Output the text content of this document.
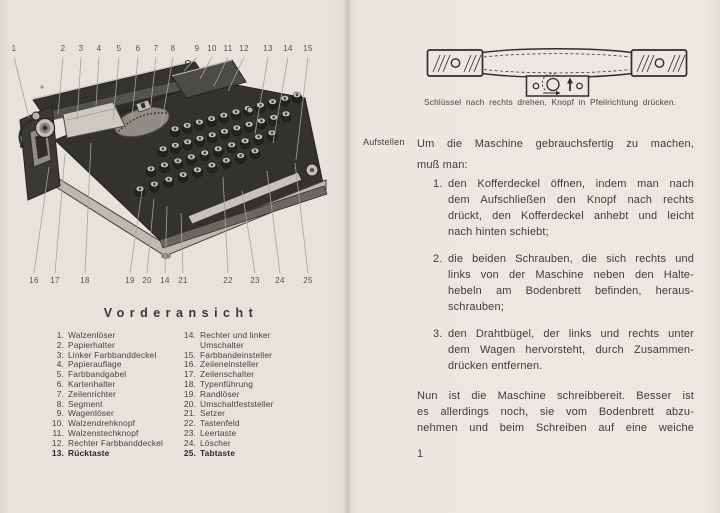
1	2 3 4 5 6 7 8 9 10 11 12 13 14 15
16 17	18	19 20 14 21	22 23 24 25
Vorderansicht
1. Walzenlöser
2. Papierhalter
3. Linker Farbbanddeckel
4. Papierauflage
5. Farbbandgabel
6. Kartenhalter
7. Zeilenrichter
8. Segment
9. Wagenlöser
10. Walzendrehknopf
11. Walzenstechknopf
12. Rechter Farbbanddeckel
13. Rücktaste
14. Rechter und linker
Umschalter
15. Farbbandeinsteller
16. Zeileneinsteller
17. Zeilenschalter
18. Typenführung
19. Randlöser
20. Umschaltfeststeller
21. Setzer
22. Tastenfeld
23. Leertaste
24. Löscher
25. Tabtaste
Schlüssel nach rechts drehen, Knopf in Pfeilrichtung drücken.
Aufstellen Um die Maschine gebrauchsfertig zu machen,
muß man:
1. den Kofferdeckel öffnen, indem man nach
dem Aufschließen den Knopf nach rechts
drückt, den Kofferdeckel anhebt und leicht
nach hinten schiebt;
2. die beiden Schrauben, die sich rechts und
links von der Maschine neben den Halte-
hebeln am Bodenbrett befinden, heraus-
schrauben;
3. den Drahtbügel, der links und rechts unter
dem Wagen hervorsteht, durch Zusammen-
drücken entfernen.
Nun ist die Maschine schreibbereit. Besser ist
es allerdings noch, sie vom Bodenbrett abzu-
nehmen und beim Schreiben auf eine weiche
1
